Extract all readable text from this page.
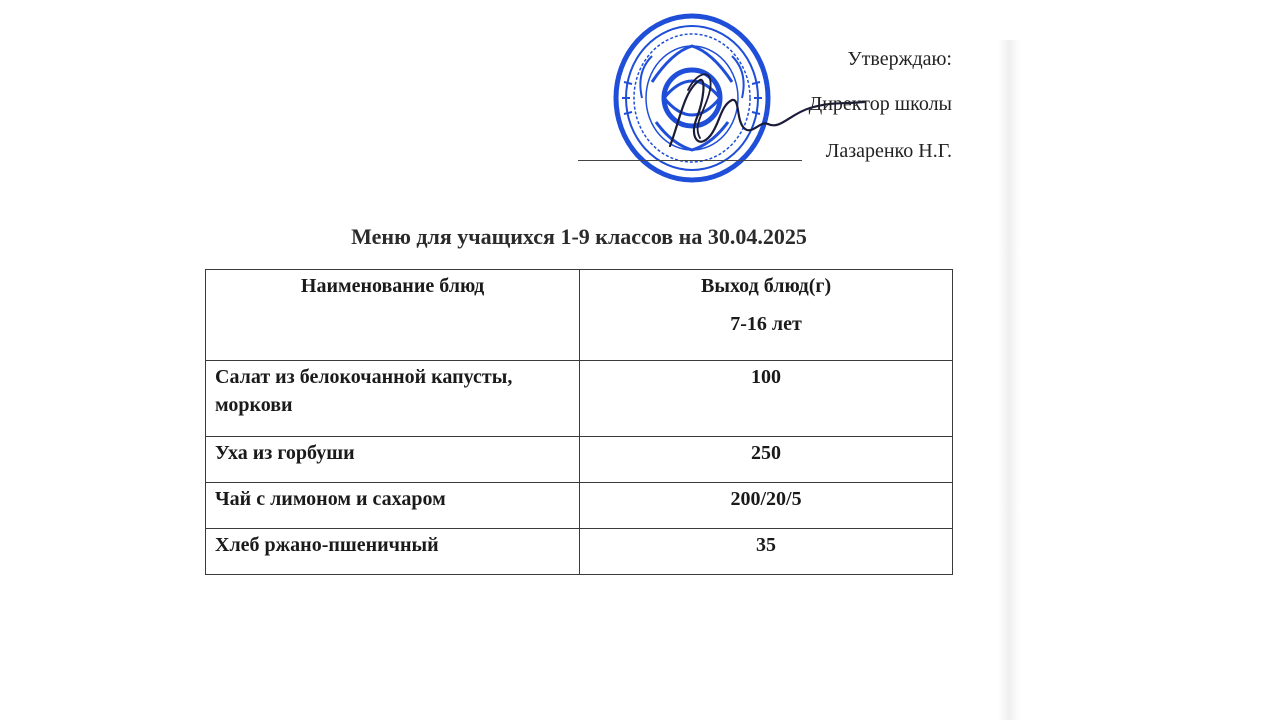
Утверждаю:
Директор школы
Лазаренко Н.Г.
Меню для учащихся 1-9 классов на 30.04.2025
Наименование блюд	Выход блюд(г)
7-16 лет

Салат из белокочанной капусты, моркови	100
Уха из горбуши	250
Чай с лимоном и сахаром	200/20/5
Хлеб ржано-пшеничный	35
